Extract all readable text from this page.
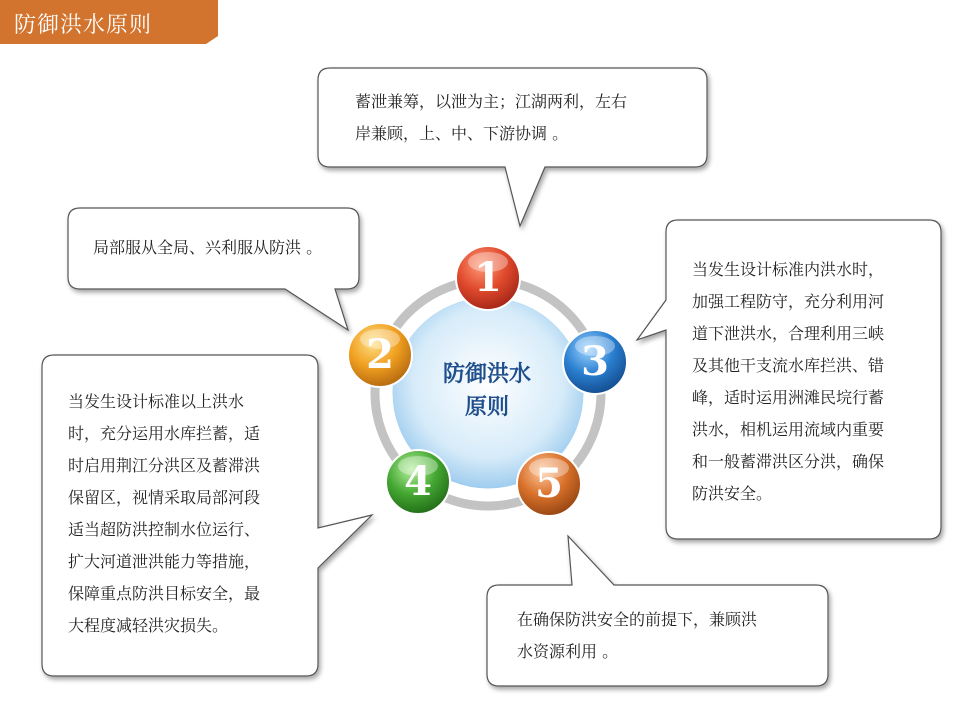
防御洪水原则
1
2	3
4	5
防御洪水
原则
蓄泄兼筹，以泄为主；江湖两利，左右
岸兼顾，上、中、下游协调 。
局部服从全局、兴利服从防洪 。
当发生设计标准内洪水时，
加强工程防守，充分利用河
道下泄洪水，合理利用三峡
及其他干支流水库拦洪、错
峰，适时运用洲滩民垸行蓄
洪水，相机运用流域内重要
和一般蓄滞洪区分洪，确保
防洪安全。
当发生设计标准以上洪水
时，充分运用水库拦蓄，适
时启用荆江分洪区及蓄滞洪
保留区，视情采取局部河段
适当超防洪控制水位运行、
扩大河道泄洪能力等措施，
保障重点防洪目标安全，最
大程度减轻洪灾损失。	在确保防洪安全的前提下，兼顾洪
水资源利用 。
